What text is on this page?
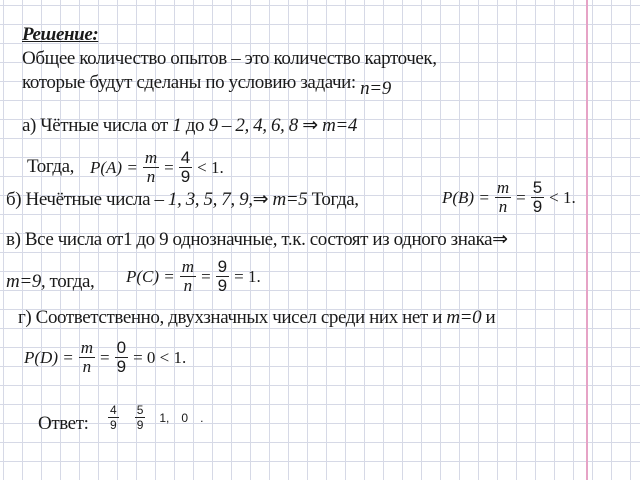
Решение:
Общее количество опытов – это количество карточек,
которые будут сделаны по условию задачи: n=9
а) Чётные числа от 1 до 9 – 2, 4, 6, 8 ⇒ m=4
Тогда, $P(A) = \frac{m}{n} = \frac{4}{9} < 1$.
б) Нечётные числа – 1, 3, 5, 7, 9,⇒ m=5 Тогда,	$P(B) = \frac{m}{n} = \frac{5}{9} < 1$.
в) Все числа от1 до 9 однозначные, т.к. состоят из одного знака⇒
m=9, тогда, $P(C) = \frac{m}{n} = \frac{9}{9} = 1$.
г) Соответственно, двухзначных чисел среди них нет и m=0 и
$P(D) = \frac{m}{n} = \frac{0}{9} = 0 < 1$.
Ответ: $\frac{4}{9} \frac{5}{9} 1$, 0 .
